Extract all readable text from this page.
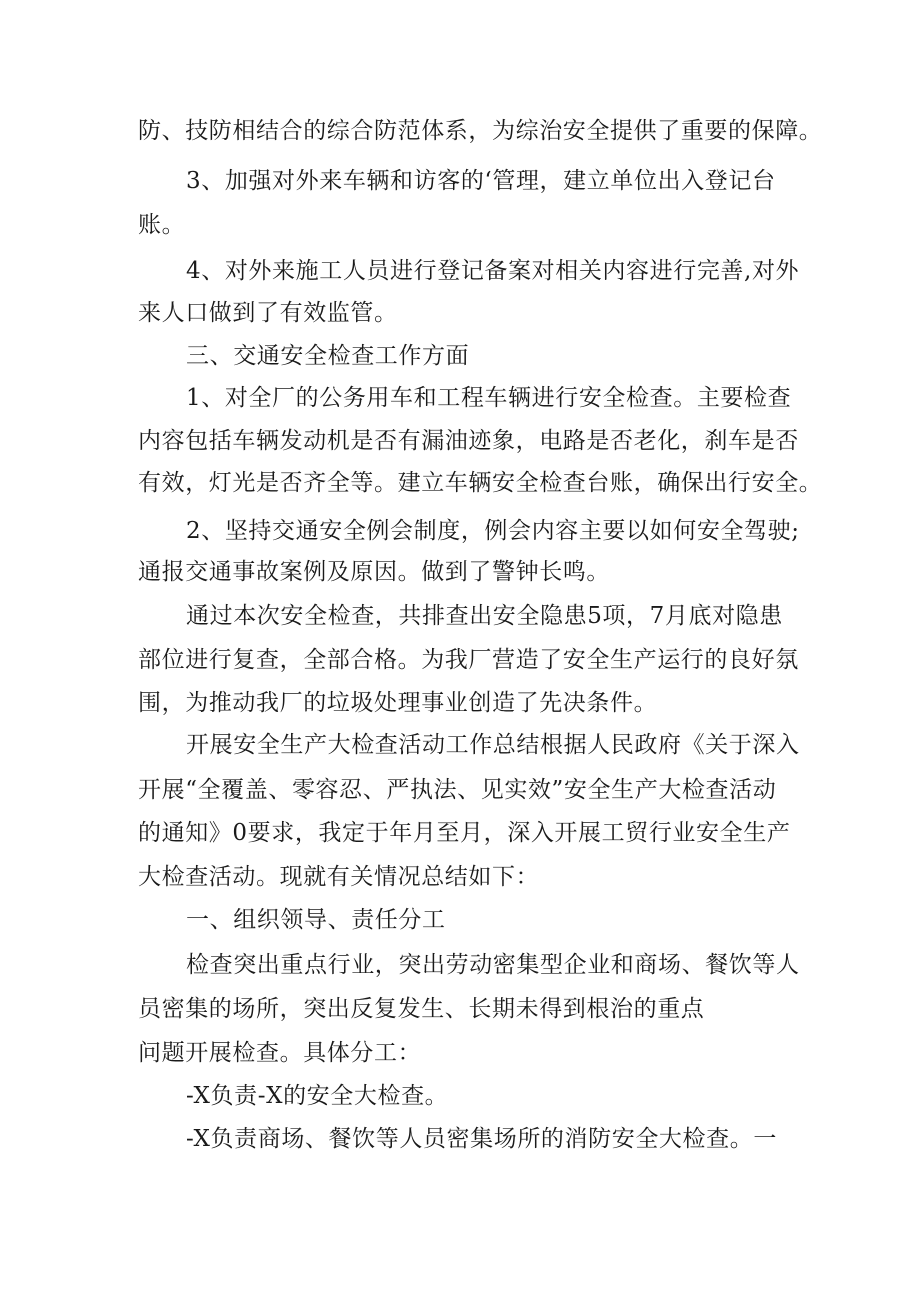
防、技防相结合的综合防范体系，为综治安全提供了重要的保障。
3、加强对外来车辆和访客的‘管理，建立单位出入登记台
账。
4、对外来施工人员进行登记备案对相关内容进行完善,对外
来人口做到了有效监管。
三、交通安全检查工作方面
1、对全厂的公务用车和工程车辆进行安全检查。主要检查
内容包括车辆发动机是否有漏油迹象，电路是否老化，刹车是否
有效，灯光是否齐全等。建立车辆安全检查台账，确保出行安全。
2、坚持交通安全例会制度，例会内容主要以如何安全驾驶;
通报交通事故案例及原因。做到了警钟长鸣。
通过本次安全检查，共排查出安全隐患5项，7月底对隐患
部位进行复查，全部合格。为我厂营造了安全生产运行的良好氛
围，为推动我厂的垃圾处理事业创造了先决条件。
开展安全生产大检查活动工作总结根据人民政府《关于深入
开展“全覆盖、零容忍、严执法、见实效”安全生产大检查活动
的通知》0要求，我定于年月至月，深入开展工贸行业安全生产
大检查活动。现就有关情况总结如下：
一、组织领导、责任分工
检查突出重点行业，突出劳动密集型企业和商场、餐饮等人
员密集的场所，突出反复发生、长期未得到根治的重点
问题开展检查。具体分工：
-X负责-X的安全大检查。
-X负责商场、餐饮等人员密集场所的消防安全大检查。一
